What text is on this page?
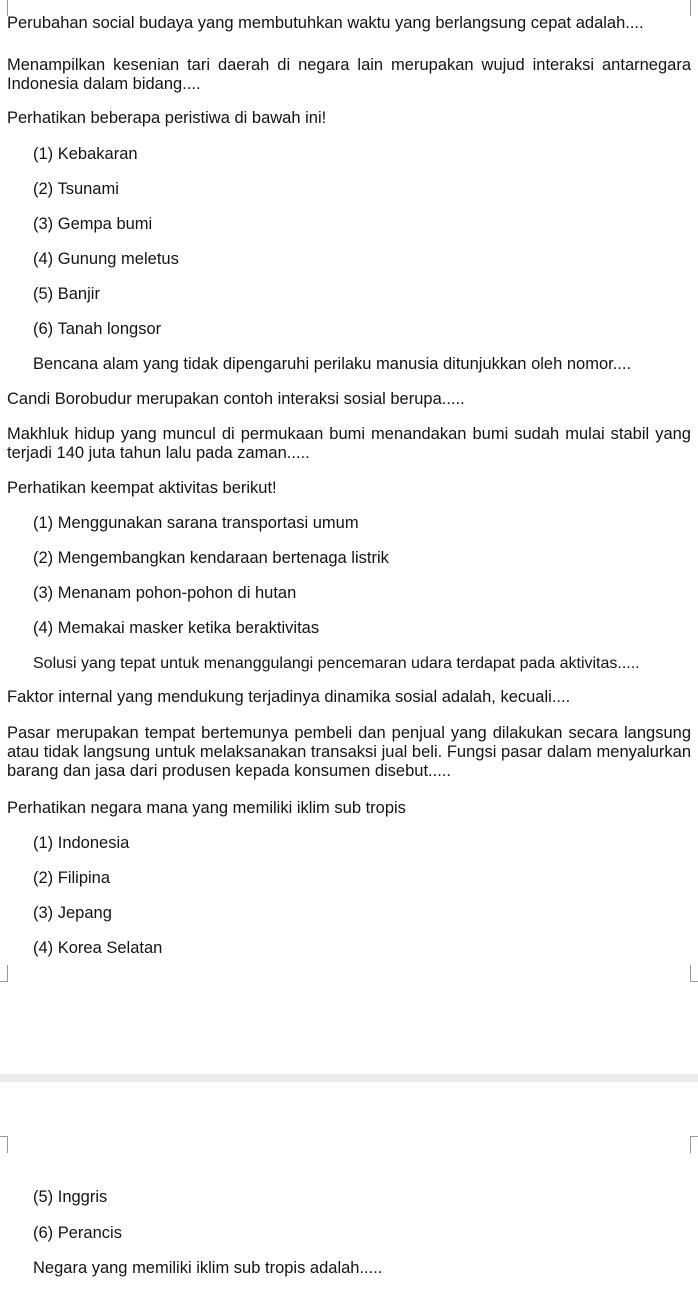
Perubahan social budaya yang membutuhkan waktu yang berlangsung cepat adalah....

Menampilkan kesenian tari daerah di negara lain merupakan wujud interaksi antarnegara Indonesia dalam bidang....

Perhatikan beberapa peristiwa di bawah ini!

(1) Kebakaran

(2) Tsunami

(3) Gempa bumi

(4) Gunung meletus

(5) Banjir

(6) Tanah longsor

Bencana alam yang tidak dipengaruhi perilaku manusia ditunjukkan oleh nomor....

Candi Borobudur merupakan contoh interaksi sosial berupa.....

Makhluk hidup yang muncul di permukaan bumi menandakan bumi sudah mulai stabil yang terjadi 140 juta tahun lalu pada zaman.....

Perhatikan keempat aktivitas berikut!

(1) Menggunakan sarana transportasi umum

(2) Mengembangkan kendaraan bertenaga listrik

(3) Menanam pohon-pohon di hutan

(4) Memakai masker ketika beraktivitas

Solusi yang tepat untuk menanggulangi pencemaran udara terdapat pada aktivitas.....

Faktor internal yang mendukung terjadinya dinamika sosial adalah, kecuali....

Pasar merupakan tempat bertemunya pembeli dan penjual yang dilakukan secara langsung atau tidak langsung untuk melaksanakan transaksi jual beli. Fungsi pasar dalam menyalurkan barang dan jasa dari produsen kepada konsumen disebut.....

Perhatikan negara mana yang memiliki iklim sub tropis

(1) Indonesia

(2) Filipina

(3) Jepang

(4) Korea Selatan

(5) Inggris

(6) Perancis

Negara yang memiliki iklim sub tropis adalah.....
